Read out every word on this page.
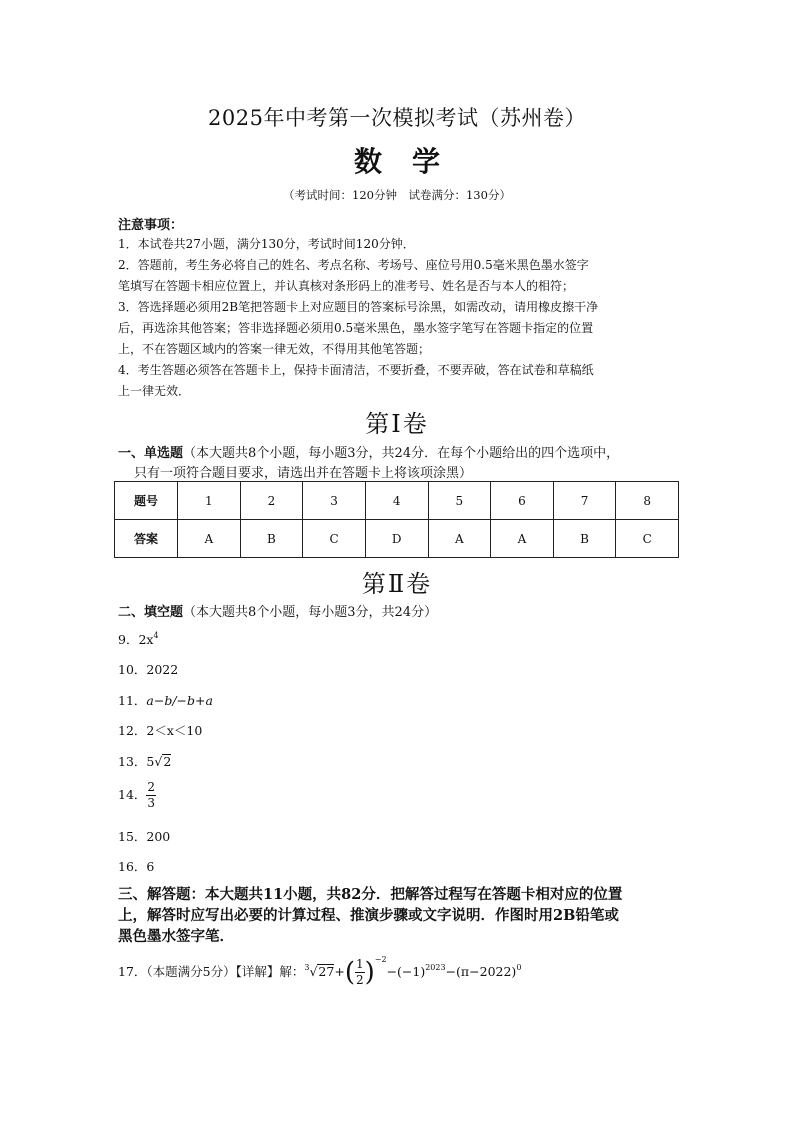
2025年中考第一次模拟考试（苏州卷）
数学
（考试时间：120分钟　试卷满分：130分）
注意事项：
1．本试卷共27小题，满分130分，考试时间120分钟．
2．答题前，考生务必将自己的姓名、考点名称、考场号、座位号用0.5毫米黑色墨水签字
笔填写在答题卡相应位置上，并认真核对条形码上的准考号、姓名是否与本人的相符；
3．答选择题必须用2B笔把答题卡上对应题目的答案标号涂黑，如需改动，请用橡皮擦干净
后，再选涂其他答案；答非选择题必须用0.5毫米黑色，墨水签字笔写在答题卡指定的位置
上，不在答题区域内的答案一律无效，不得用其他笔答题；
4．考生答题必须答在答题卡上，保持卡面清洁，不要折叠，不要弄破，答在试卷和草稿纸
上一律无效．
第Ⅰ卷
一、单选题（本大题共8个小题，每小题3分，共24分．在每个小题给出的四个选项中，
只有一项符合题目要求，请选出并在答题卡上将该项涂黑）
题号	1	2	3	4	5	6	7	8
答案	A	B	C	D	A	A	B	C
第Ⅱ卷
二、填空题（本大题共8个小题，每小题3分，共24分）
9．$2x^4$
10．2022
11．a−b/−b+a
12．2＜x＜10
13．5√2
14． $\frac{2}{3}$
15．200
16．6
三、解答题：本大题共11小题，共82分．把解答过程写在答题卡相对应的位置
上，解答时应写出必要的计算过程、推演步骤或文字说明．作图时用2B铅笔或
黑色墨水签字笔．
17．（本题满分5分）【详解】解：$^3√27+( \frac{1}{2} )^{-2}-(-1)^{2023}-(\pi-2022)^0$
